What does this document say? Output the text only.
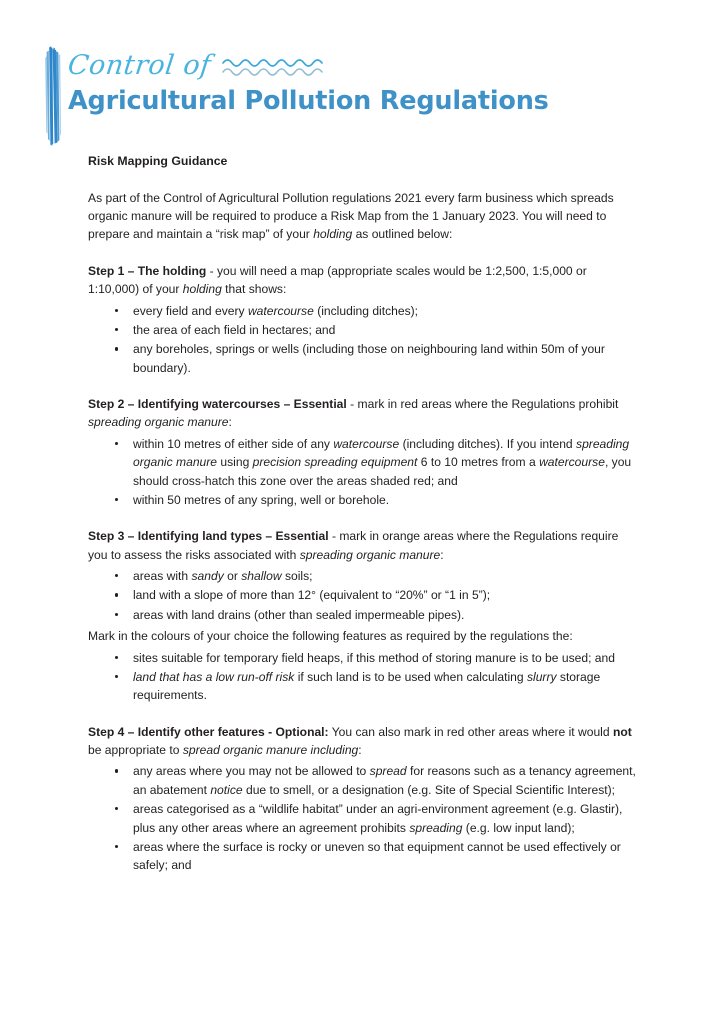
Control of
Agricultural Pollution Regulations
Risk Mapping Guidance

As part of the Control of Agricultural Pollution regulations 2021 every farm business which spreads organic manure will be required to produce a Risk Map from the 1 January 2023. You will need to prepare and maintain a “risk map” of your holding as outlined below:

Step 1 – The holding - you will need a map (appropriate scales would be 1:2,500, 1:5,000 or 1:10,000) of your holding that shows:

every field and every watercourse (including ditches);
the area of each field in hectares; and
any boreholes, springs or wells (including those on neighbouring land within 50m of your boundary).

Step 2 – Identifying watercourses – Essential - mark in red areas where the Regulations prohibit spreading organic manure:

within 10 metres of either side of any watercourse (including ditches). If you intend spreading organic manure using precision spreading equipment 6 to 10 metres from a watercourse, you should cross-hatch this zone over the areas shaded red; and
within 50 metres of any spring, well or borehole.

Step 3 – Identifying land types – Essential - mark in orange areas where the Regulations require you to assess the risks associated with spreading organic manure:

areas with sandy or shallow soils;
land with a slope of more than 12° (equivalent to “20%” or “1 in 5”);
areas with land drains (other than sealed impermeable pipes).

Mark in the colours of your choice the following features as required by the regulations the:

sites suitable for temporary field heaps, if this method of storing manure is to be used; and
land that has a low run-off risk if such land is to be used when calculating slurry storage requirements.

Step 4 – Identify other features - Optional: You can also mark in red other areas where it would not be appropriate to spread organic manure including:

any areas where you may not be allowed to spread for reasons such as a tenancy agreement, an abatement notice due to smell, or a designation (e.g. Site of Special Scientific Interest);
areas categorised as a “wildlife habitat” under an agri-environment agreement (e.g. Glastir), plus any other areas where an agreement prohibits spreading (e.g. low input land);
areas where the surface is rocky or uneven so that equipment cannot be used effectively or safely; and
